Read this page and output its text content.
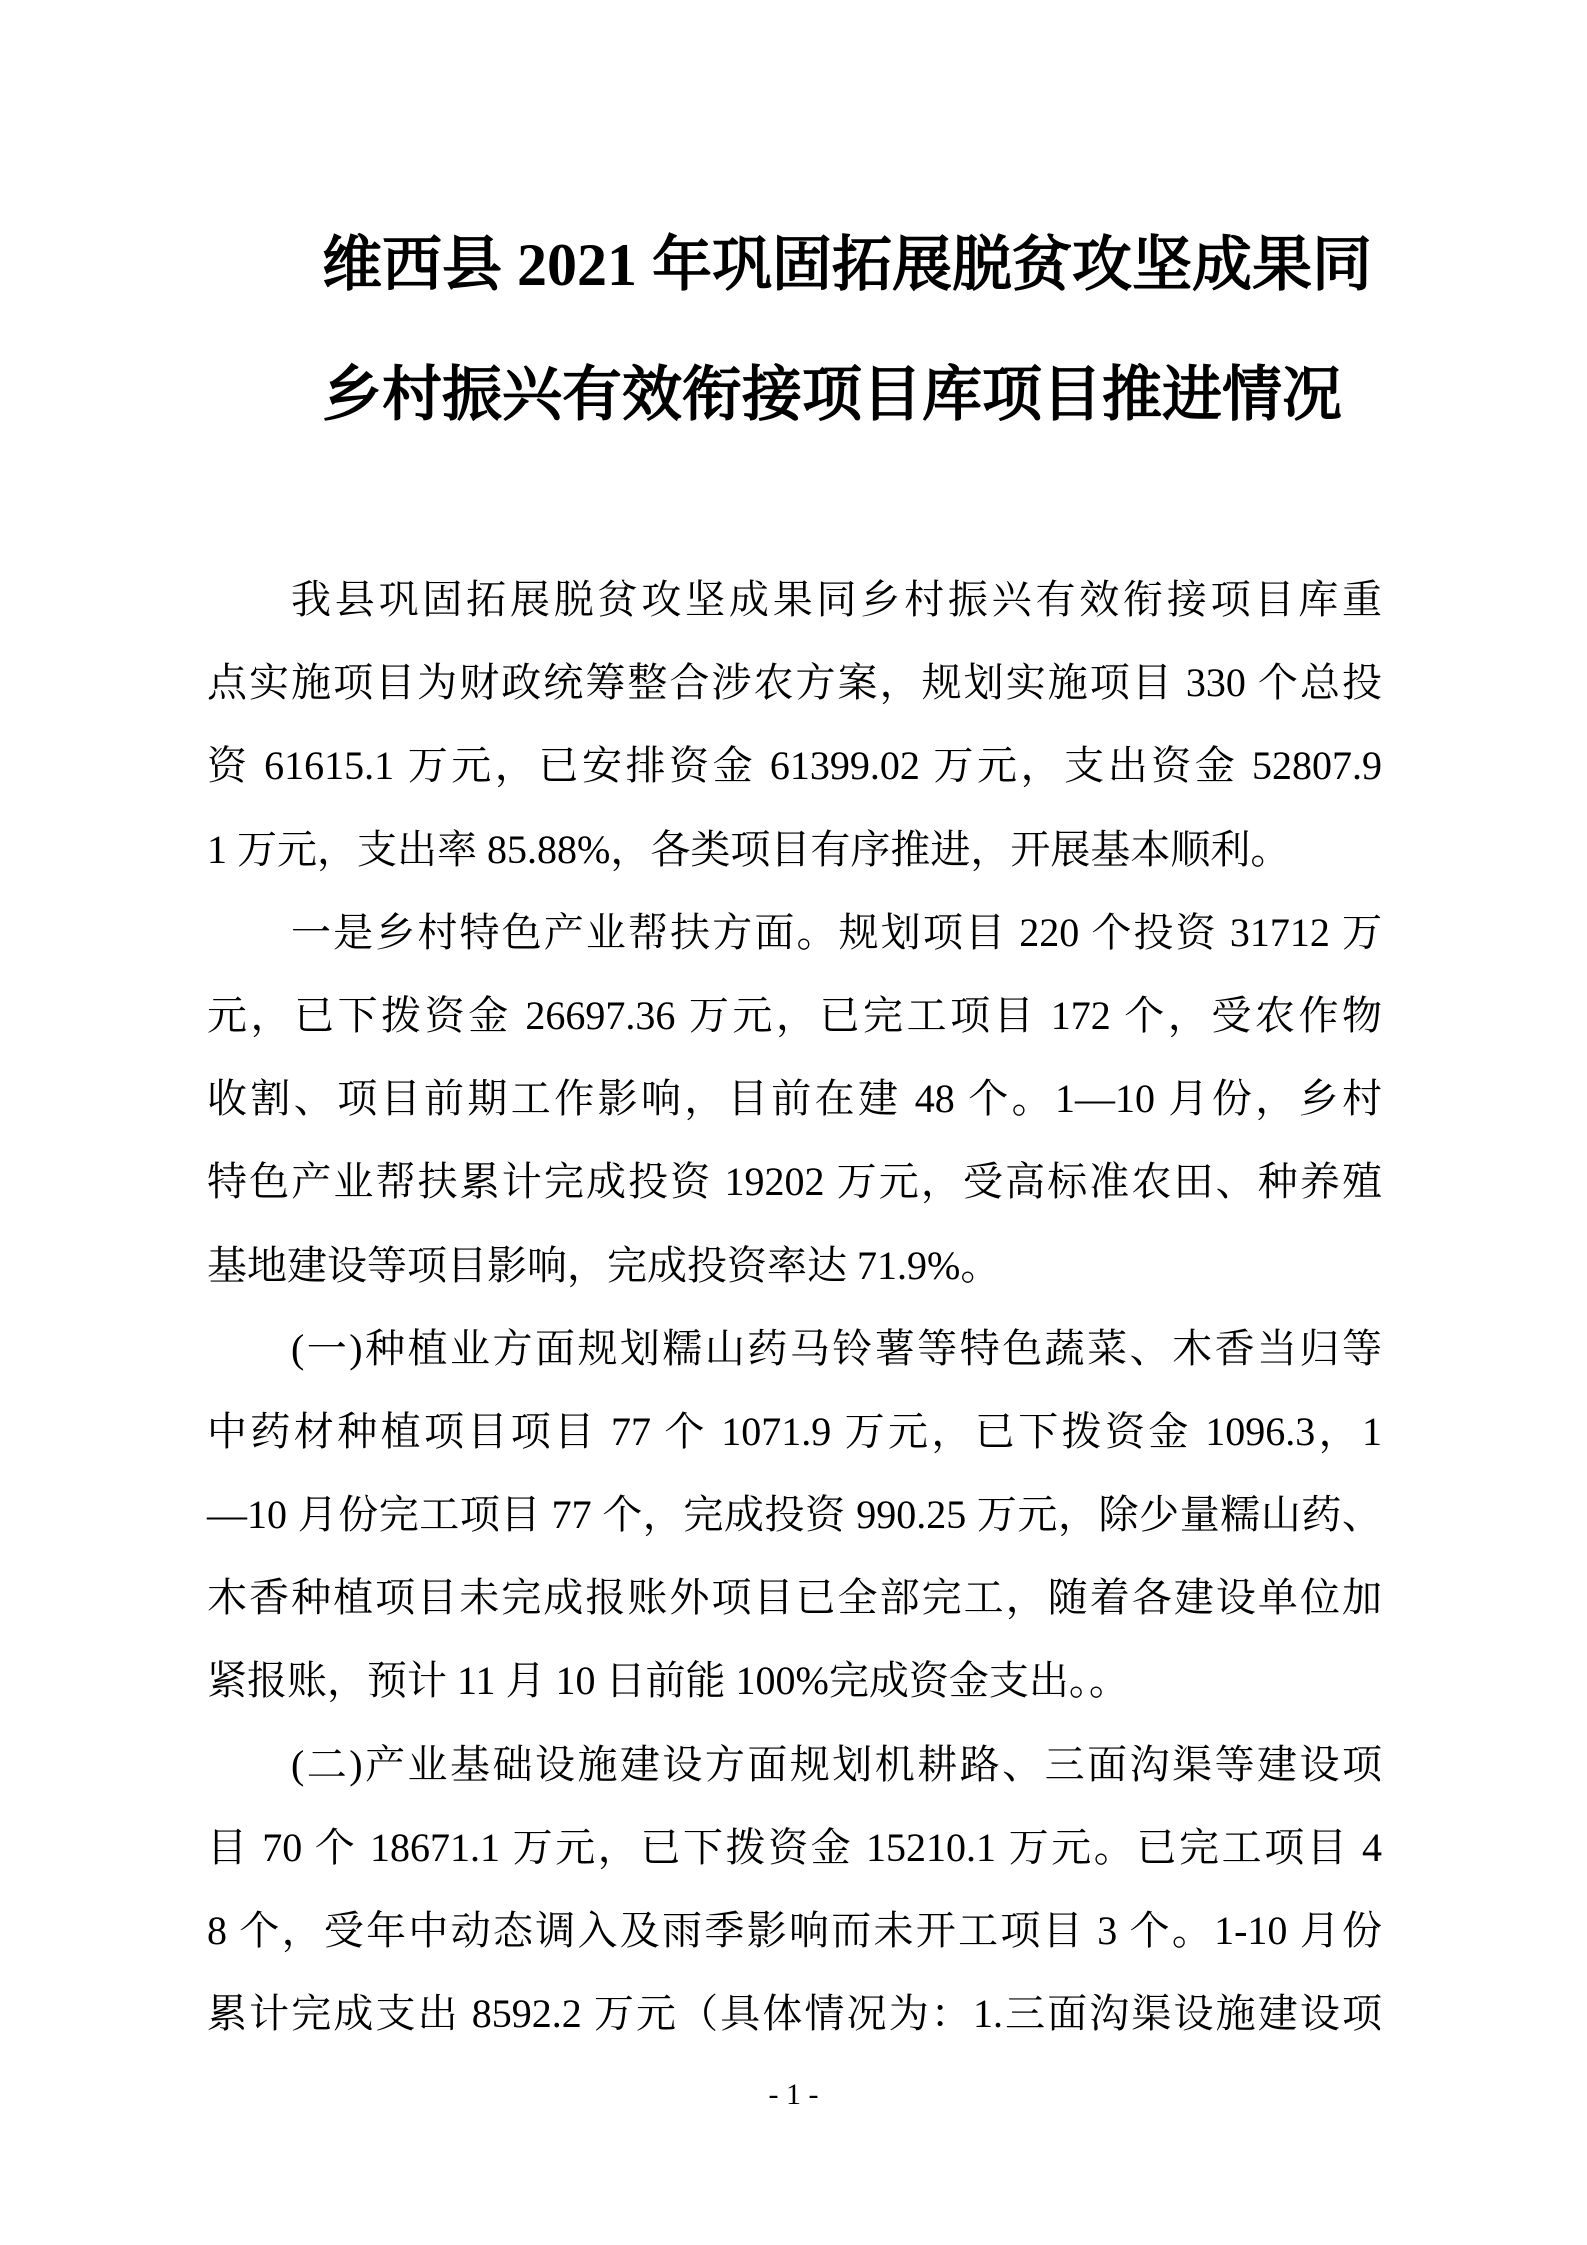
维西县 2021 年巩固拓展脱贫攻坚成果同
乡村振兴有效衔接项目库项目推进情况
我县巩固拓展脱贫攻坚成果同乡村振兴有效衔接项目库重
点实施项目为财政统筹整合涉农方案，规划实施项目 330 个总投
资 61615.1 万元，已安排资金 61399.02 万元，支出资金 52807.9
1 万元，支出率 85.88%，各类项目有序推进，开展基本顺利。
一是乡村特色产业帮扶方面。规划项目 220 个投资 31712 万
元，已下拨资金 26697.36 万元，已完工项目 172 个，受农作物
收割、项目前期工作影响，目前在建 48 个。1—10 月份，乡村
特色产业帮扶累计完成投资 19202 万元，受高标准农田、种养殖
基地建设等项目影响，完成投资率达 71.9%。
(一)种植业方面规划糯山药马铃薯等特色蔬菜、木香当归等
中药材种植项目项目 77 个 1071.9 万元，已下拨资金 1096.3，1
—10 月份完工项目 77 个，完成投资 990.25 万元，除少量糯山药、
木香种植项目未完成报账外项目已全部完工，随着各建设单位加
紧报账，预计 11 月 10 日前能 100%完成资金支出。。
(二)产业基础设施建设方面规划机耕路、三面沟渠等建设项
目 70 个 18671.1 万元，已下拨资金 15210.1 万元。已完工项目 4
8 个，受年中动态调入及雨季影响而未开工项目 3 个。1-10 月份
累计完成支出 8592.2 万元（具体情况为：1.三面沟渠设施建设项
- 1 -
